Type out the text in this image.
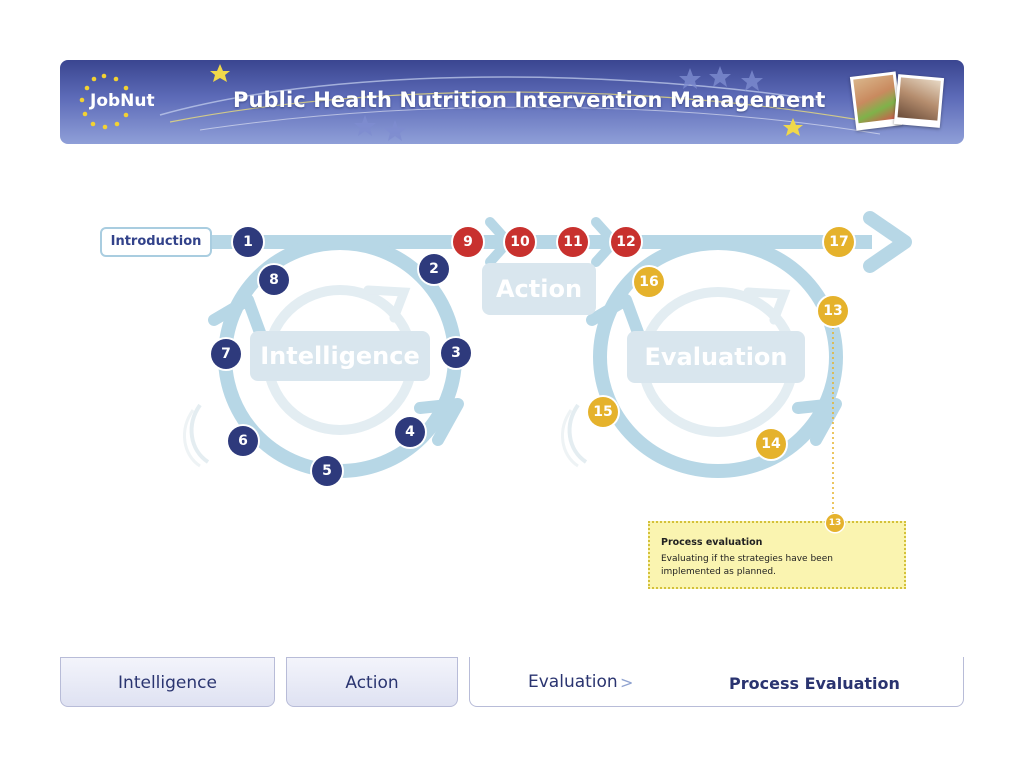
JobNut	Public Health Nutrition Intervention Management
Introduction
Action
Intelligence	Evaluation
1
2
3
4
5
6
7
8
9	10	11	12
13
14
15
16
17
Process evaluation
Evaluating if the strategies have been implemented as planned.
13
Intelligence	Action	Evaluation >	Process Evaluation
